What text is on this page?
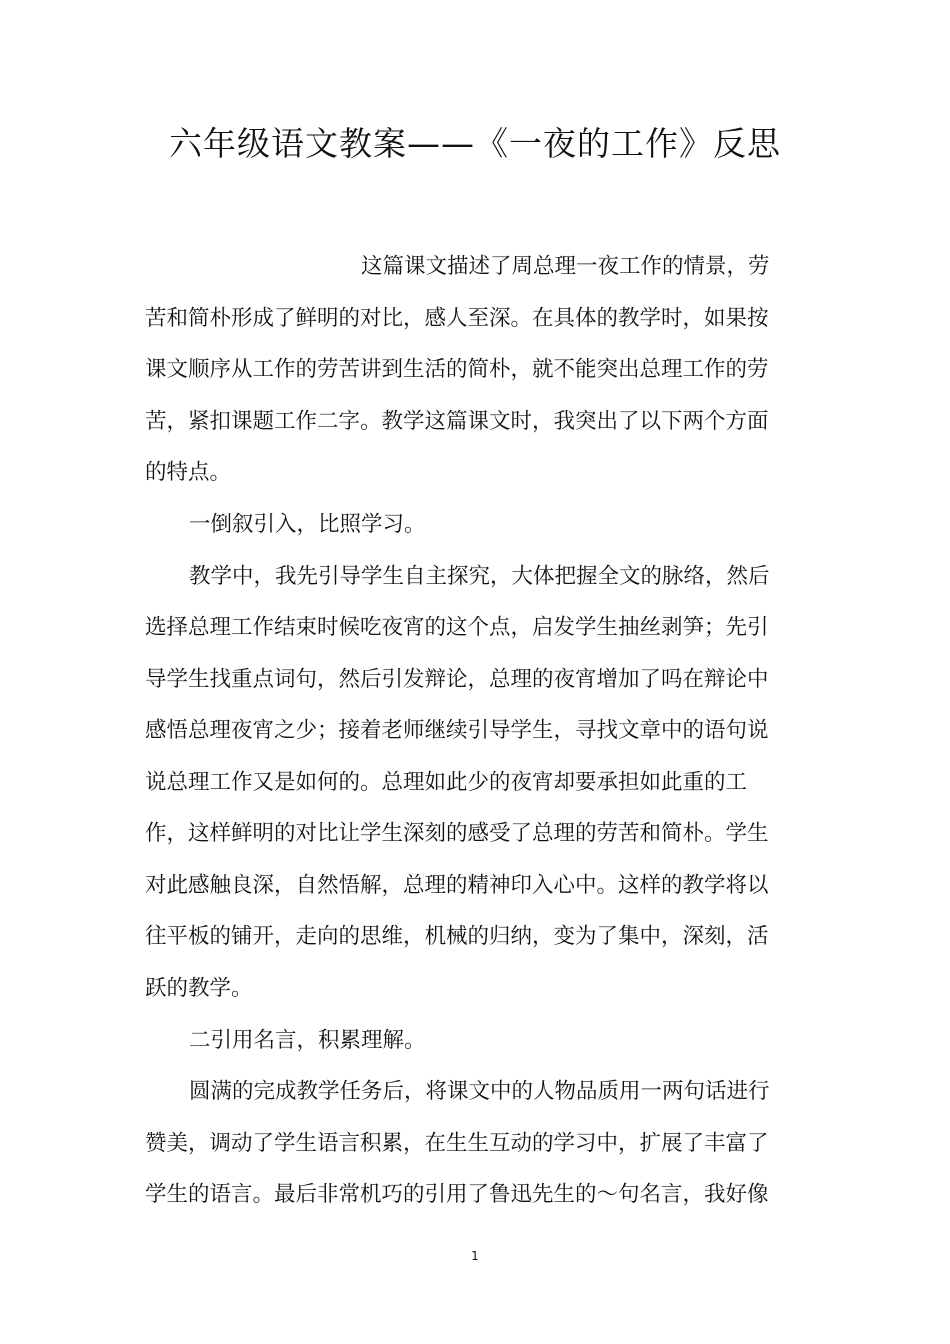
六年级语文教案——《一夜的工作》反思
这篇课文描述了周总理一夜工作的情景，劳
苦和简朴形成了鲜明的对比，感人至深。在具体的教学时，如果按
课文顺序从工作的劳苦讲到生活的简朴，就不能突出总理工作的劳
苦，紧扣课题工作二字。教学这篇课文时，我突出了以下两个方面
的特点。
一倒叙引入，比照学习。
教学中，我先引导学生自主探究，大体把握全文的脉络，然后
选择总理工作结束时候吃夜宵的这个点，启发学生抽丝剥笋；先引
导学生找重点词句，然后引发辩论，总理的夜宵增加了吗在辩论中
感悟总理夜宵之少；接着老师继续引导学生，寻找文章中的语句说
说总理工作又是如何的。总理如此少的夜宵却要承担如此重的工
作，这样鲜明的对比让学生深刻的感受了总理的劳苦和简朴。学生
对此感触良深，自然悟解，总理的精神印入心中。这样的教学将以
往平板的铺开，走向的思维，机械的归纳，变为了集中，深刻，活
跃的教学。
二引用名言，积累理解。
圆满的完成教学任务后，将课文中的人物品质用一两句话进行
赞美，调动了学生语言积累，在生生互动的学习中，扩展了丰富了
学生的语言。最后非常机巧的引用了鲁迅先生的～句名言，我好像
1
